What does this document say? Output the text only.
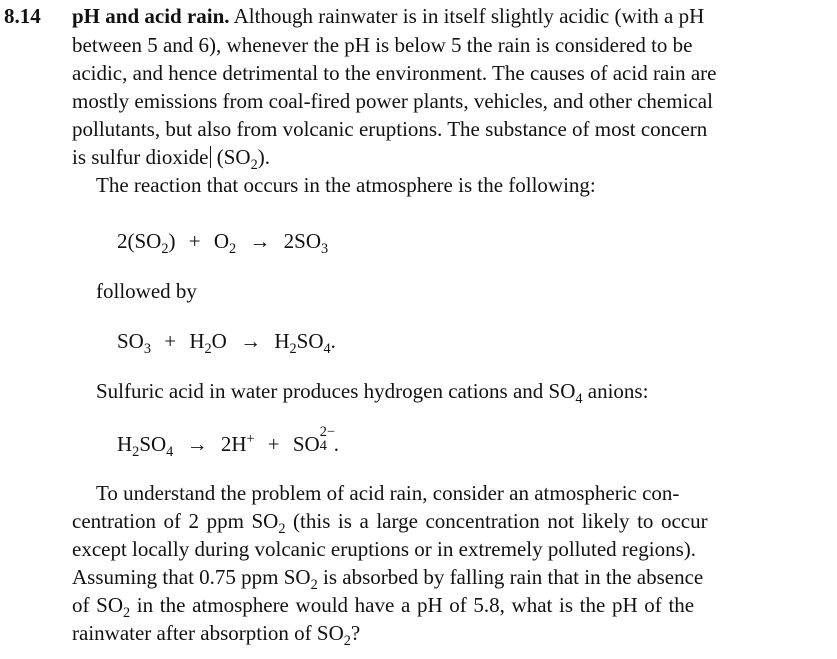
8.14 pH and acid rain. Although rainwater is in itself slightly acidic (with a pH
between 5 and 6), whenever the pH is below 5 the rain is considered to be
acidic, and hence detrimental to the environment. The causes of acid rain are
mostly emissions from coal-fired power plants, vehicles, and other chemical
pollutants, but also from volcanic eruptions. The substance of most concern
is sulfur dioxide $(SO_2)$.
The reaction that occurs in the atmosphere is the following:
$2(SO_2) + O_2 \to 2SO_3$
followed by
$SO_3 + H_2O \to H_2SO_4$.
Sulfuric acid in water produces hydrogen cations and $SO_4$ anions:
$H_2SO_4 \to 2H^+$ + SO
2−
4 .
To understand the problem of acid rain, consider an atmospheric con-
centration of 2 ppm $SO_2$ (this is a large concentration not likely to occur
except locally during volcanic eruptions or in extremely polluted regions).
Assuming that 0.75 ppm $SO_2$ is absorbed by falling rain that in the absence
of $SO_2$ in the atmosphere would have a pH of 5.8, what is the pH of the
rainwater after absorption of $SO_2$?
